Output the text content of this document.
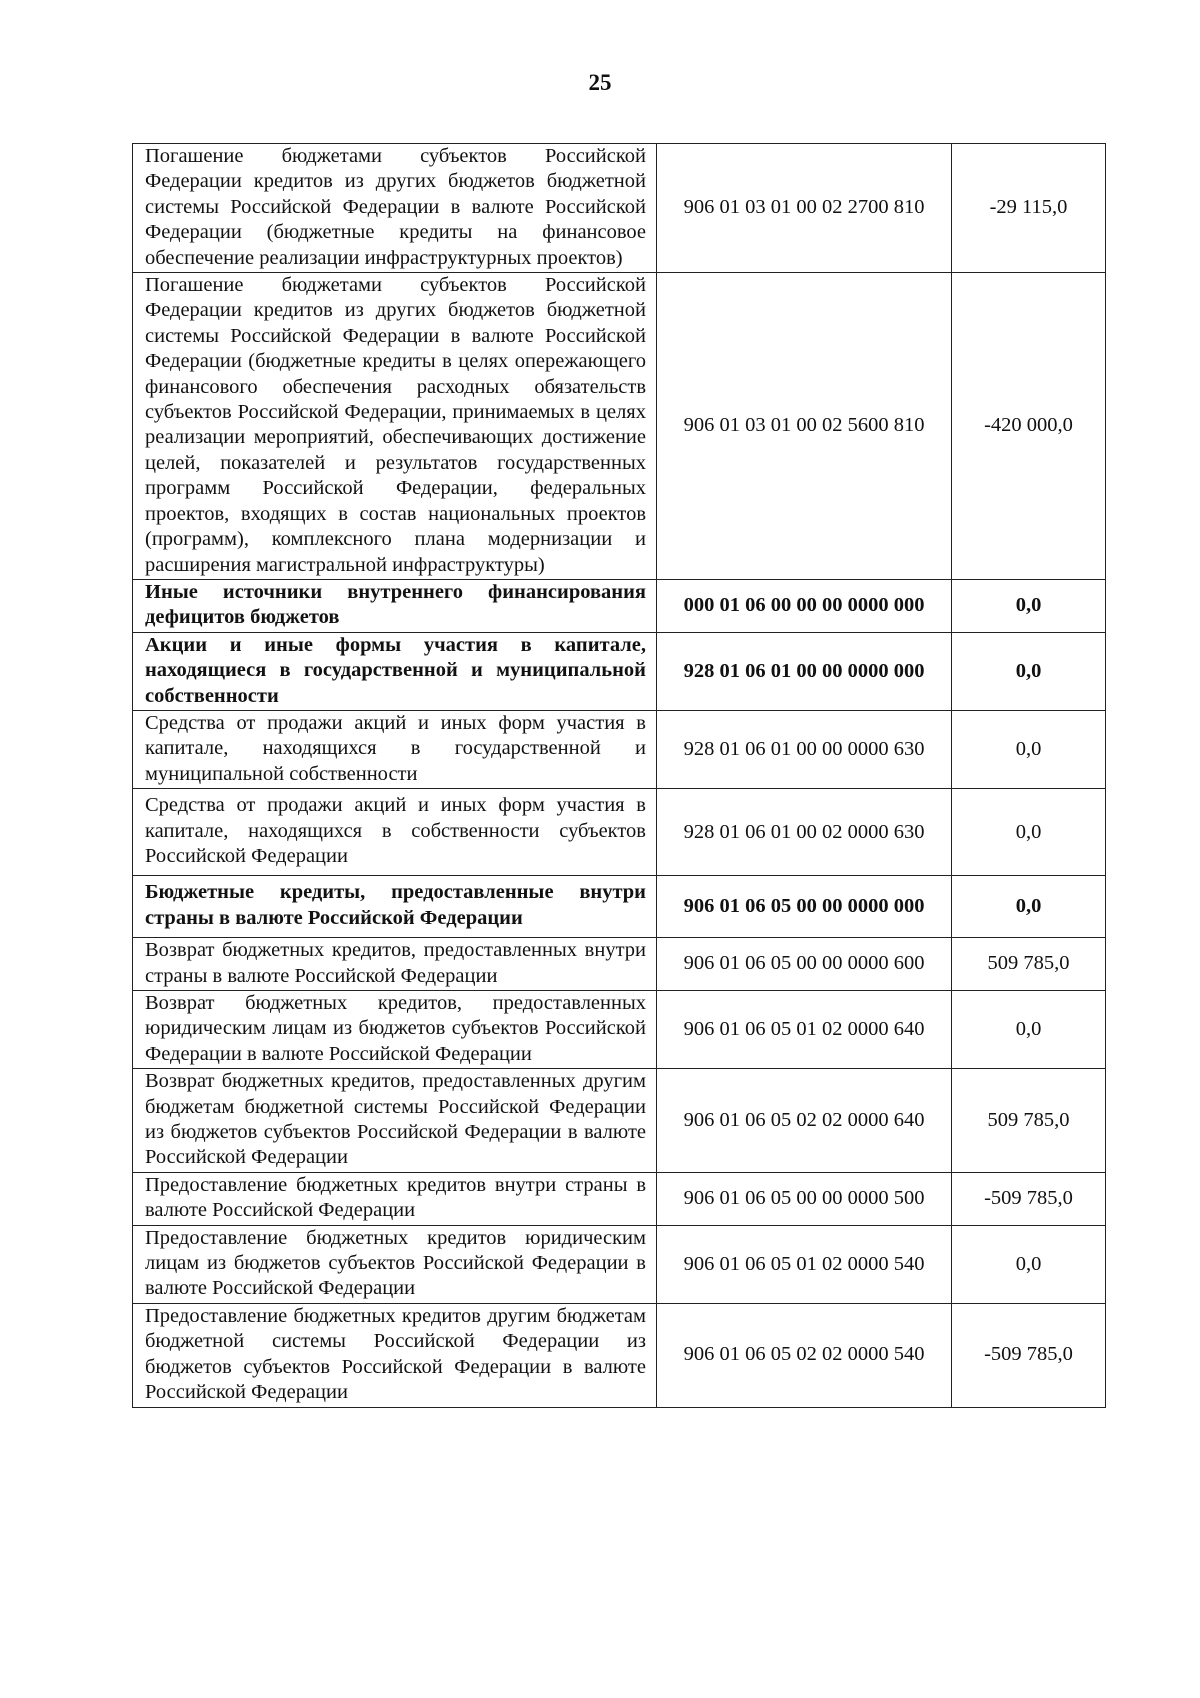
25
Погашение бюджетами субъектов Российской Федерации кредитов из других бюджетов бюджетной системы Российской Федерации в валюте Российской Федерации (бюджетные кредиты на финансовое обеспечение реализации инфраструктурных проектов)	906 01 03 01 00 02 2700 810	-29 115,0
Погашение бюджетами субъектов Российской Федерации кредитов из других бюджетов бюджетной системы Российской Федерации в валюте Российской Федерации (бюджетные кредиты в целях опережающего финансового обеспечения расходных обязательств субъектов Российской Федерации, принимаемых в целях реализации мероприятий, обеспечивающих достижение целей, показателей и результатов государственных программ Российской Федерации, федеральных проектов, входящих в состав национальных проектов (программ), комплексного плана модернизации и расширения магистральной инфраструктуры)	906 01 03 01 00 02 5600 810	-420 000,0
Иные источники внутреннего финансирования дефицитов бюджетов	000 01 06 00 00 00 0000 000	0,0
Акции и иные формы участия в капитале, находящиеся в государственной и муниципальной собственности	928 01 06 01 00 00 0000 000	0,0
Средства от продажи акций и иных форм участия в капитале, находящихся в государственной и муниципальной собственности	928 01 06 01 00 00 0000 630	0,0
Средства от продажи акций и иных форм участия в капитале, находящихся в собственности субъектов Российской Федерации	928 01 06 01 00 02 0000 630	0,0
Бюджетные кредиты, предоставленные внутри страны в валюте Российской Федерации	906 01 06 05 00 00 0000 000	0,0
Возврат бюджетных кредитов, предоставленных внутри страны в валюте Российской Федерации	906 01 06 05 00 00 0000 600	509 785,0
Возврат бюджетных кредитов, предоставленных юридическим лицам из бюджетов субъектов Российской Федерации в валюте Российской Федерации	906 01 06 05 01 02 0000 640	0,0
Возврат бюджетных кредитов, предоставленных другим бюджетам бюджетной системы Российской Федерации из бюджетов субъектов Российской Федерации в валюте Российской Федерации	906 01 06 05 02 02 0000 640	509 785,0
Предоставление бюджетных кредитов внутри страны в валюте Российской Федерации	906 01 06 05 00 00 0000 500	-509 785,0
Предоставление бюджетных кредитов юридическим лицам из бюджетов субъектов Российской Федерации в валюте Российской Федерации	906 01 06 05 01 02 0000 540	0,0
Предоставление бюджетных кредитов другим бюджетам бюджетной системы Российской Федерации из бюджетов субъектов Российской Федерации в валюте Российской Федерации	906 01 06 05 02 02 0000 540	-509 785,0
